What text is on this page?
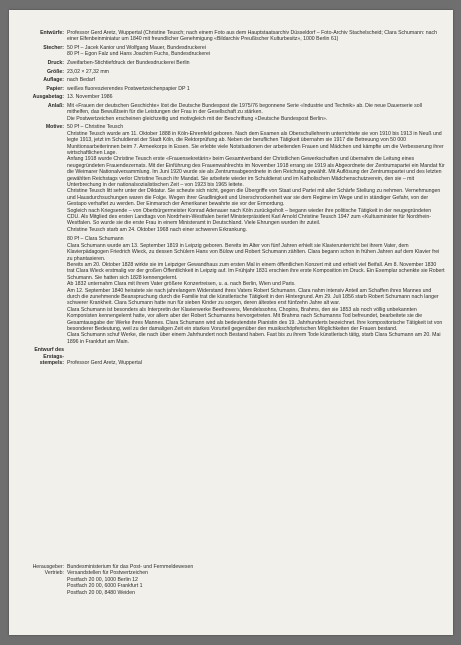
Entwürfe: Professor Gerd Aretz, Wuppertal (Christine Teusch; nach einem Foto aus dem Hauptstaatsarchiv Düsseldorf – Foto-Archiv Stachelscheid; Clara Schumann: nach einer Elfenbeinminiatur um 1840 mit freundlicher Genehmigung «Bildarchiv Preußischer Kulturbesitz», 1000 Berlin 61)
Stecher: 50 Pf – Jacek Kanior und Wolfgang Mauer, Bundesdruckerei

80 Pf – Egon Falz und Hans Joachim Fuchs, Bundesdruckerei

Druck: Zweifarben-Stichtiefdruck der Bundesdruckerei Berlin
Größe: 23,02 × 27,32 mm
Auflage: nach Bedarf
Papier: weißes fluoreszierendes Postwertzeichenpapier DP 1
Ausgabetag: 13. November 1986
Anlaß: Mit «Frauen der deutschen Geschichte» löst die Deutsche Bundespost die 1975/76 begonnene Serie «Industrie und Technik» ab. Die neue Dauerserie soll mithelfen, das Bewußtsein für die Leistungen der Frau in der Gesellschaft zu stärken.

Die Postwertzeichen erscheinen gleichzeitig und motivgleich mit der Beschriftung «Deutsche Bundespost Berlin».

Motive: 50 Pf – Christine Teusch

Christine Teusch wurde am 11. Oktober 1888 in Köln-Ehrenfeld geboren. Nach dem Examen als Oberschullehrerin unterrichtete sie von 1910 bis 1913 in Neuß und legte 1913, jetzt im Schuldienst der Stadt Köln, die Rektorprüfung ab. Neben der beruflichen Tätigkeit übernahm sie 1917 die Betreuung von 50 000 Munitionsarbeiterinnen beim 7. Armeekorps in Essen. Sie erlebte viele Notsituationen der arbeitenden Frauen und Mädchen und kämpfte um die Verbesserung ihrer wirtschaftlichen Lage.

Anfang 1918 wurde Christine Teusch erste «Frauensekretärin» beim Gesamtverband der Christlichen Gewerkschaften und übernahm die Leitung eines neugegründeten Frauendezernats. Mit der Einführung des Frauenwahlrechts im November 1918 errang sie 1919 als Abgeordnete der Zentrumspartei ein Mandat für die Weimarer Nationalversammlung. Im Juni 1920 wurde sie als Zentrumsabgeordnete in den Reichstag gewählt. Mit Auflösung der Zentrumspartei und des letzten gewählten Reichstags verlor Christine Teusch ihr Mandat. Sie arbeitete wieder im Schuldienst und im Katholischen Mädchenschutzverein, den sie – mit Unterbrechung in der nationalsozialistischen Zeit – von 1923 bis 1965 leitete.

Christine Teusch litt sehr unter der Diktatur. Sie scheute sich nicht, gegen die Übergriffe von Staat und Partei mit aller Schärfe Stellung zu nehmen. Vernehmungen und Hausdurchsuchungen waren die Folge. Wegen ihrer Gradlinigkeit und Unerschrockenheit war sie dem Regime im Wege und in ständiger Gefahr, von der Gestapo verhaftet zu werden. Der Einmarsch der Amerikaner bewahrte sie vor der Ermordung.

Sogleich nach Kriegsende – von Oberbürgermeister Konrad Adenauer nach Köln zurückgeholt – begann wieder ihre politische Tätigkeit in der neugegründeten CDU. Als Mitglied des ersten Landtags von Nordrhein-Westfalen berief Ministerpräsident Karl Arnold Christine Teusch 1947 zum «Kultusminister für Nordrhein-Westfalen. So wurde sie die erste Frau in einem Ministeramt in Deutschland. Viele Ehrungen wurden ihr zuteil.

Christine Teusch starb am 24. Oktober 1968 nach einer schweren Erkrankung.

80 Pf – Clara Schumann

Clara Schumann wurde am 13. September 1819 in Leipzig geboren. Bereits im Alter von fünf Jahren erhielt sie Klavierunterricht bei ihrem Vater, dem Klavierpädagogen Friedrich Wieck, zu dessen Schülern Hans von Bülow und Robert Schumann zählten. Clara begann schon in frühen Jahren auf dem Klavier frei zu phantasieren.

Bereits am 20. Oktober 1828 wirkte sie im Leipziger Gewandhaus zum ersten Mal in einem öffentlichen Konzert mit und erhielt viel Beifall. Am 8. November 1830 trat Clara Wieck erstmalig vor der großen Öffentlichkeit in Leipzig auf. Im Frühjahr 1831 erschien ihre erste Komposition im Druck. Ein Exemplar schenkte sie Robert Schumann. Sie hatten sich 1828 kennengelernt.

Ab 1832 unternahm Clara mit ihrem Vater größere Konzertreisen, u. a. nach Berlin, Wien und Paris.

Am 12. September 1840 heiratete sie nach jahrelangem Widerstand ihres Vaters Robert Schumann. Clara nahm intensiv Anteil am Schaffen ihres Mannes und durch die zunehmende Beanspruchung durch die Familie trat die künstlerische Tätigkeit in den Hintergrund. Am 29. Juli 1856 starb Robert Schumann nach langer schwerer Krankheit. Clara Schumann hatte nun für sieben Kinder zu sorgen, deren ältestes erst fünfzehn Jahre alt war.

Clara Schumann ist besonders als Interpretin der Klavierwerke Beethovens, Mendelssohns, Chopins, Brahms, den sie 1853 als noch völlig unbekannten Komponisten kennengelernt hatte, vor allem aber der Robert Schumanns hervorgetreten. Mit Brahms nach Schumanns Tod befreundet, bearbeitete sie die Gesamtausgabe der Werke ihres Mannes. Clara Schumann wird als bedeutendste Pianistin des 19. Jahrhunderts bezeichnet. Ihre kompositorische Tätigkeit ist von besonderer Bedeutung, weil zu der damaligen Zeit ein starkes Vorurteil gegenüber den musikschöpferischen Möglichkeiten der Frauen bestand.

Clara Schumann schuf Werke, die nach über einem Jahrhundert noch Bestand haben. Fast bis zu ihrem Tode künstlerisch tätig, starb Clara Schumann am 20. Mai 1896 in Frankfurt am Main.

Entwurf des
Erstags-
stempels: Professor Gerd Aretz, Wuppertal

Herausgeber:
Vertrieb:

Bundesministerium für das Post- und Fernmeldewesen

Versandstellen für Postwertzeichen

Postfach 20 00, 1000 Berlin 12

Postfach 20 00, 6000 Frankfurt 1

Postfach 20 00, 8480 Weiden
